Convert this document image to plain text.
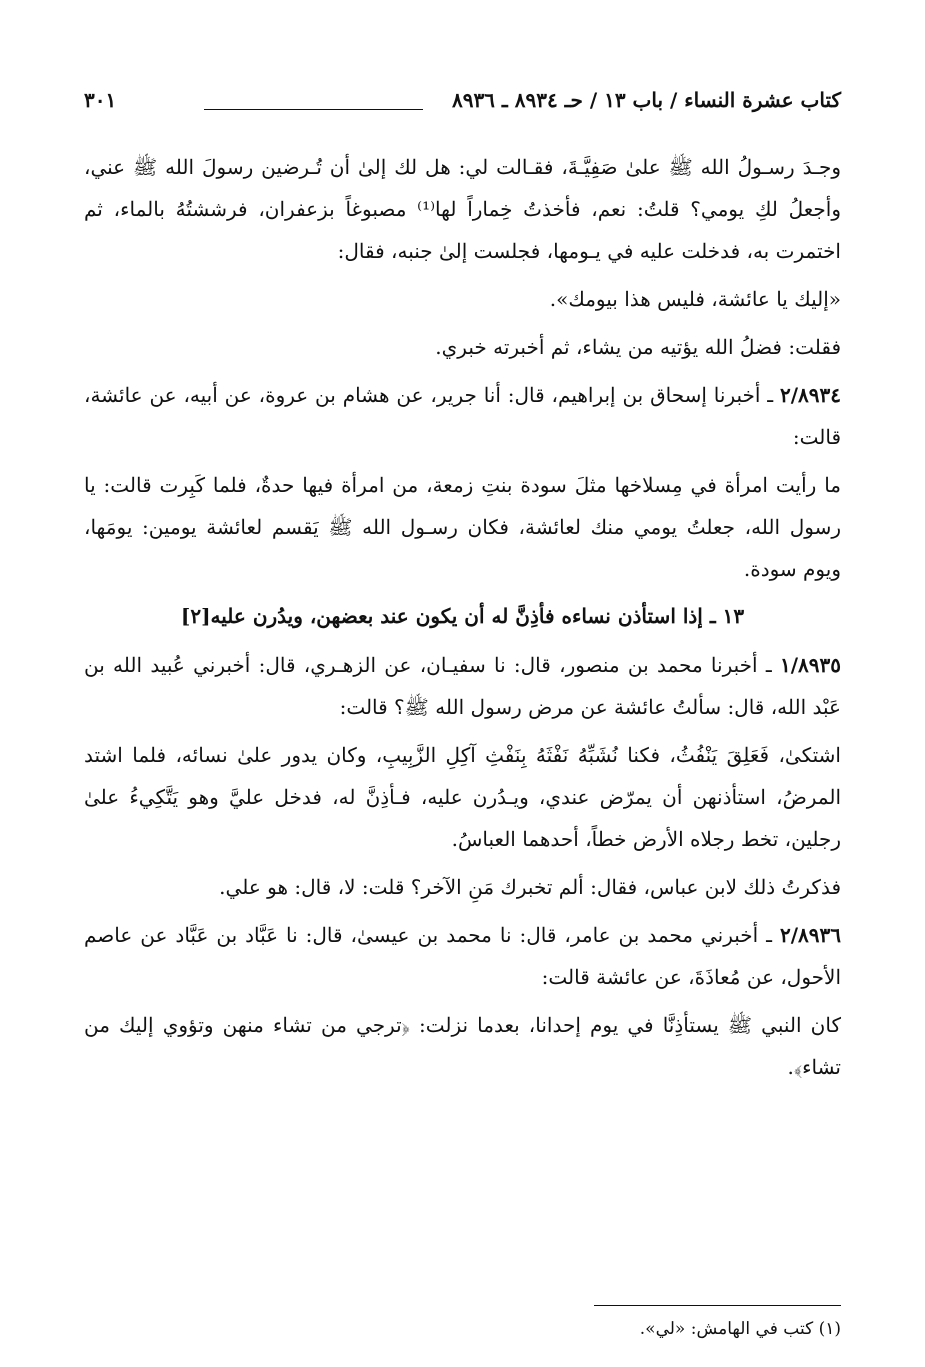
كتاب عشرة النساء / باب ١٣ / حـ ٨٩٣٤ ـ ٨٩٣٦
٣٠١

وجـدَ رسـولُ الله ﷺ علىٰ صَفِيَّـةَ، فقـالت لي: هل لك إلىٰ أن تُـرضين رسولَ الله ﷺ عني، وأجعلُ لكِ يومي؟ قلتُ: نعم، فأخذتُ خِماراً لها⁽¹⁾ مصبوغاً بزعفران، فرششتُهُ بالماء، ثم اختمرت به، فدخلت عليه في يـومها، فجلست إلىٰ جنبه، فقال:

«إليك يا عائشة، فليس هذا بيومك».

فقلت: فضلُ الله يؤتيه من يشاء، ثم أخبرته خبري.

٢/٨٩٣٤ ـ أخبرنا إسحاق بن إبراهيم، قال: أنا جرير، عن هشام بن عروة، عن أبيه، عن عائشة، قالت:

ما رأيت امرأة في مِسلاخها مثلَ سودة بنتِ زمعة، من امرأة فيها حدةٌ، فلما كَبِرت قالت: يا رسول الله، جعلتُ يومي منك لعائشة، فكان رسـول الله ﷺ يَقسم لعائشة يومين: يومَها، ويوم سودة.

١٣ ـ إذا استأذن نساءه فأذِنَّ له أن يكون عند بعضهن، ويدُرن عليه[٢]

١/٨٩٣٥ ـ أخبرنا محمد بن منصور، قال: نا سفيـان، عن الزهـري، قال: أخبرني عُبيد الله بن عَبْد الله، قال: سألتُ عائشة عن مرض رسول الله ﷺ؟ قالت:

اشتكىٰ، فَعَلِقَ يَنْفُثُ، فكنا نُشَبِّهُ نَفْثَهُ بِنَفْثِ آكِلِ الزَّبِيبِ، وكان يدور علىٰ نسائه، فلما اشتد المرضُ، استأذنهن أن يمرّض عندي، ويـدُرن عليه، فـأذِنَّ له، فدخل عليَّ وهو يَتَّكِيءُ علىٰ رجلين، تخط رجلاه الأرض خطاً، أحدهما العباسُ.

فذكرتُ ذلك لابن عباس، فقال: ألم تخبرك مَنِ الآخر؟ قلت: لا، قال: هو علي.

٢/٨٩٣٦ ـ أخبرني محمد بن عامر، قال: نا محمد بن عيسىٰ، قال: نا عَبَّاد بن عَبَّاد عن عاصم الأحول، عن مُعاذَةَ، عن عائشة قالت:

كان النبي ﷺ يستأذِنَّا في يوم إحدانا، بعدما نزلت: ﴿ترجي من تشاء منهن وتؤوي إليك من تشاء﴾.

(١) كتب في الهامش: «لي».
